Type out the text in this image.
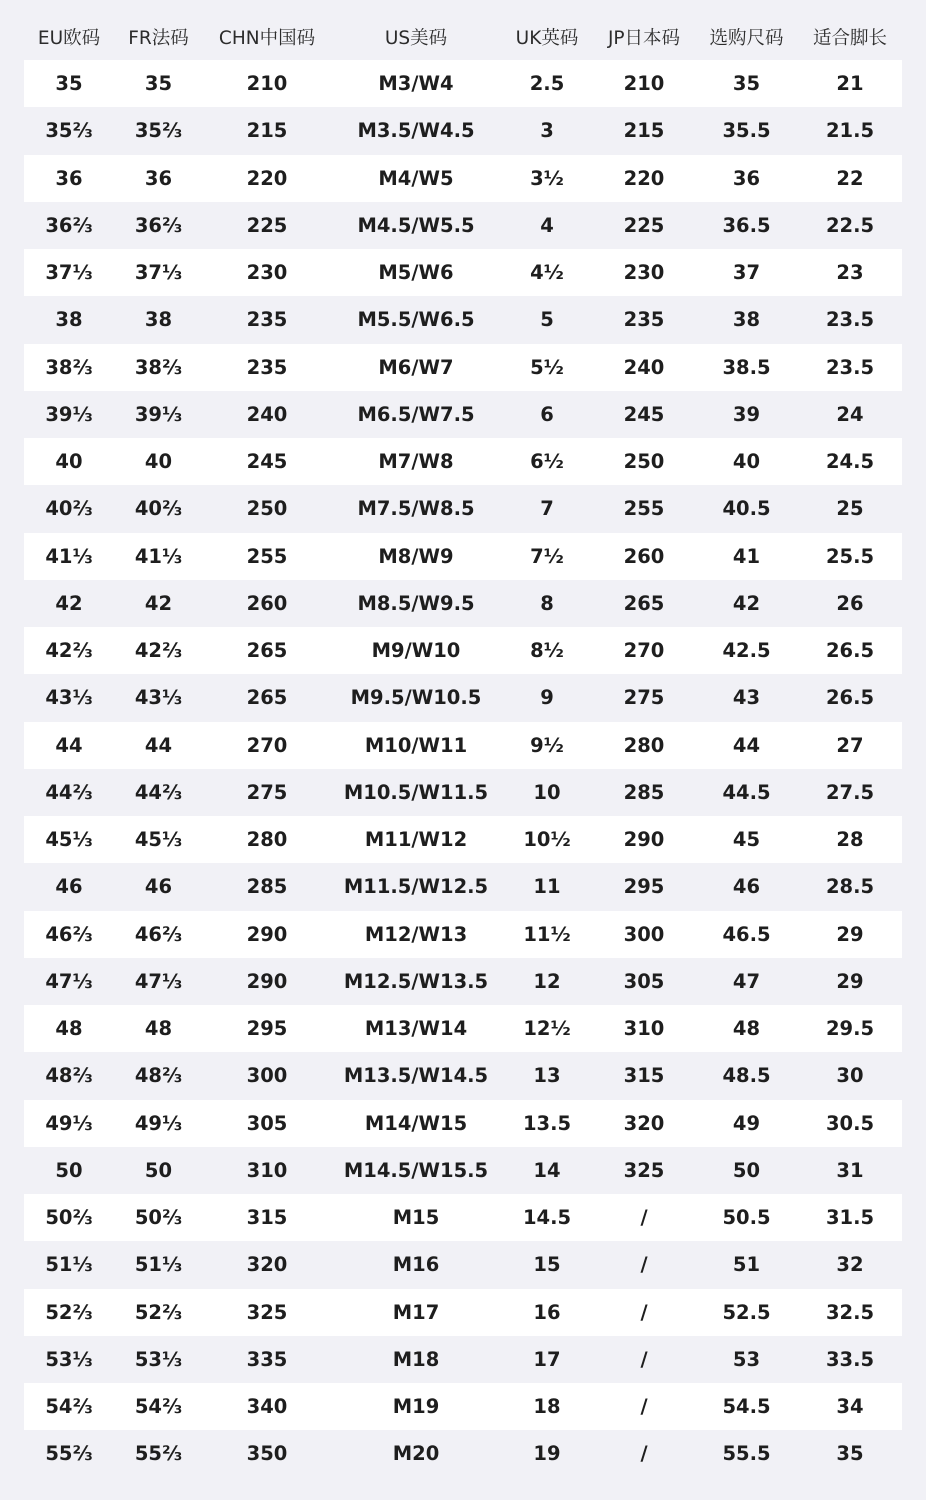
EU欧码	FR法码	CHN中国码	US美码	UK英码	JP日本码	选购尺码	适合脚长
35	35	210	M3/W4	2.5	210	35	21
35⅔	35⅔	215	M3.5/W4.5	3	215	35.5	21.5
36	36	220	M4/W5	3½	220	36	22
36⅔	36⅔	225	M4.5/W5.5	4	225	36.5	22.5
37⅓	37⅓	230	M5/W6	4½	230	37	23
38	38	235	M5.5/W6.5	5	235	38	23.5
38⅔	38⅔	235	M6/W7	5½	240	38.5	23.5
39⅓	39⅓	240	M6.5/W7.5	6	245	39	24
40	40	245	M7/W8	6½	250	40	24.5
40⅔	40⅔	250	M7.5/W8.5	7	255	40.5	25
41⅓	41⅓	255	M8/W9	7½	260	41	25.5
42	42	260	M8.5/W9.5	8	265	42	26
42⅔	42⅔	265	M9/W10	8½	270	42.5	26.5
43⅓	43⅓	265	M9.5/W10.5	9	275	43	26.5
44	44	270	M10/W11	9½	280	44	27
44⅔	44⅔	275	M10.5/W11.5	10	285	44.5	27.5
45⅓	45⅓	280	M11/W12	10½	290	45	28
46	46	285	M11.5/W12.5	11	295	46	28.5
46⅔	46⅔	290	M12/W13	11½	300	46.5	29
47⅓	47⅓	290	M12.5/W13.5	12	305	47	29
48	48	295	M13/W14	12½	310	48	29.5
48⅔	48⅔	300	M13.5/W14.5	13	315	48.5	30
49⅓	49⅓	305	M14/W15	13.5	320	49	30.5
50	50	310	M14.5/W15.5	14	325	50	31
50⅔	50⅔	315	M15	14.5	/	50.5	31.5
51⅓	51⅓	320	M16	15	/	51	32
52⅔	52⅔	325	M17	16	/	52.5	32.5
53⅓	53⅓	335	M18	17	/	53	33.5
54⅔	54⅔	340	M19	18	/	54.5	34
55⅔	55⅔	350	M20	19	/	55.5	35
